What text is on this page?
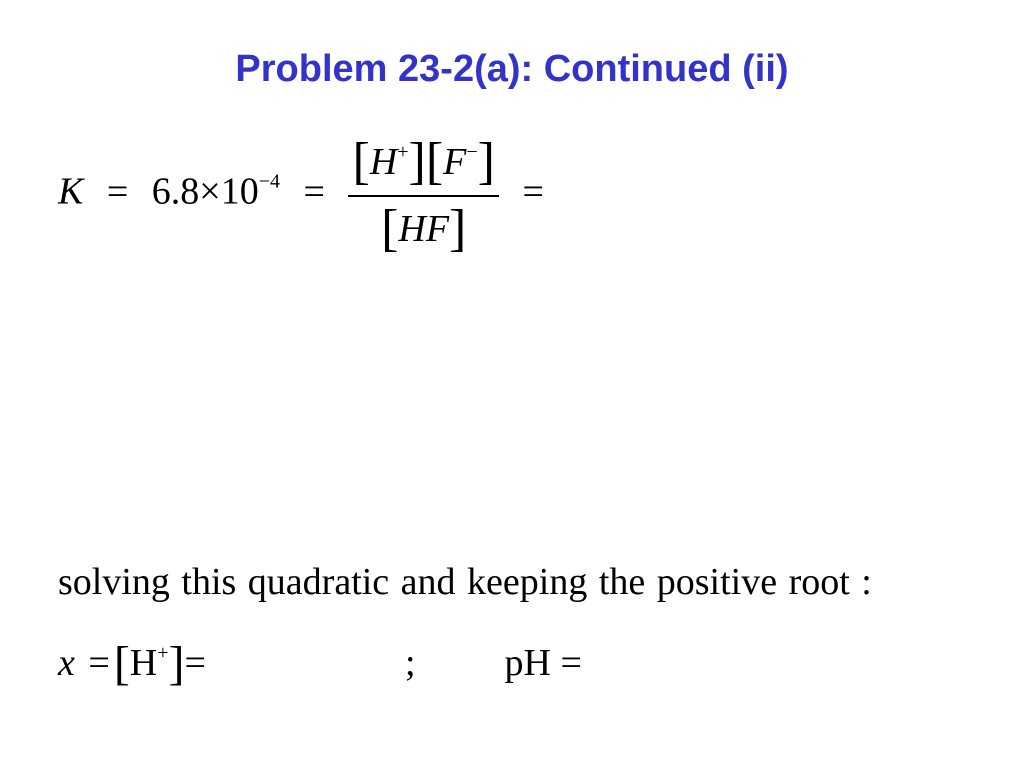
Problem 23-2(a): Continued (ii)
$K = 6.8\times 10^{-4} = \frac{[H^+][F^-]}{[HF]}$ =
solving this quadratic and keeping the positive root :
x =[H+]=	; pH =
